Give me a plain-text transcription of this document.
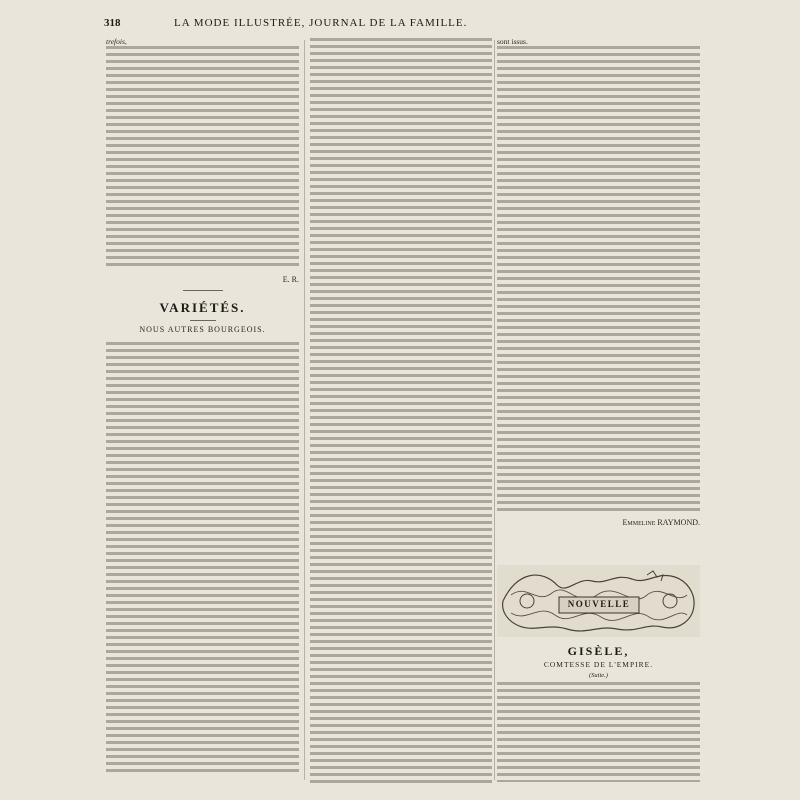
318	LA MODE ILLUSTRÉE, JOURNAL DE LA FAMILLE.

trefois,

E. R.
VARIÉTÉS.
NOUS AUTRES BOURGEOIS.

sont issus.

Emmeline RAYMOND.
NOUVELLE
GISÈLE,
COMTESSE DE L'EMPIRE.
(Suite.)
